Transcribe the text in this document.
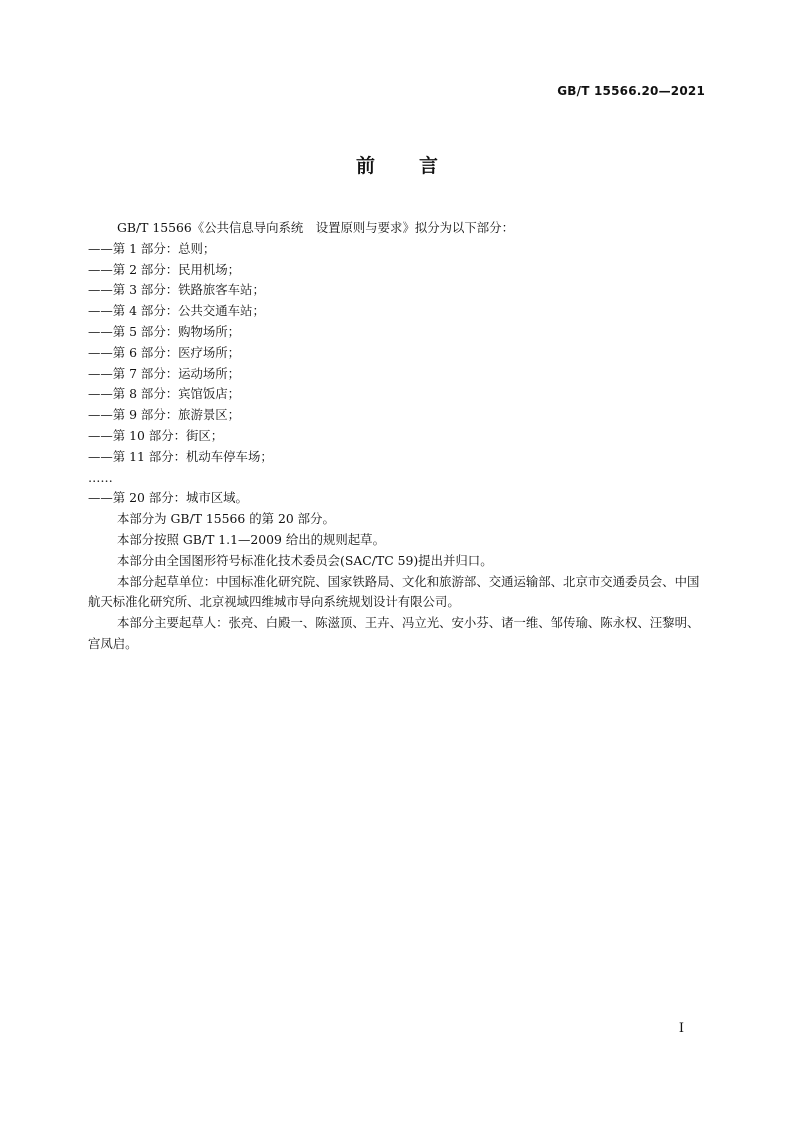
GB/T 15566.20—2021
前 言

GB/T 15566《公共信息导向系统　设置原则与要求》拟分为以下部分：

——第 1 部分：总则；

——第 2 部分：民用机场；

——第 3 部分：铁路旅客车站；

——第 4 部分：公共交通车站；

——第 5 部分：购物场所；

——第 6 部分：医疗场所；

——第 7 部分：运动场所；

——第 8 部分：宾馆饭店；

——第 9 部分：旅游景区；

——第 10 部分：街区；

——第 11 部分：机动车停车场；

……

——第 20 部分：城市区域。

本部分为 GB/T 15566 的第 20 部分。

本部分按照 GB/T 1.1—2009 给出的规则起草。

本部分由全国图形符号标准化技术委员会(SAC/TC 59)提出并归口。

本部分起草单位：中国标准化研究院、国家铁路局、文化和旅游部、交通运输部、北京市交通委员会、中国航天标准化研究所、北京视域四维城市导向系统规划设计有限公司。

本部分主要起草人：张亮、白殿一、陈滋顶、王卉、冯立光、安小芬、诸一维、邹传瑜、陈永权、汪黎明、宫凤启。

I
